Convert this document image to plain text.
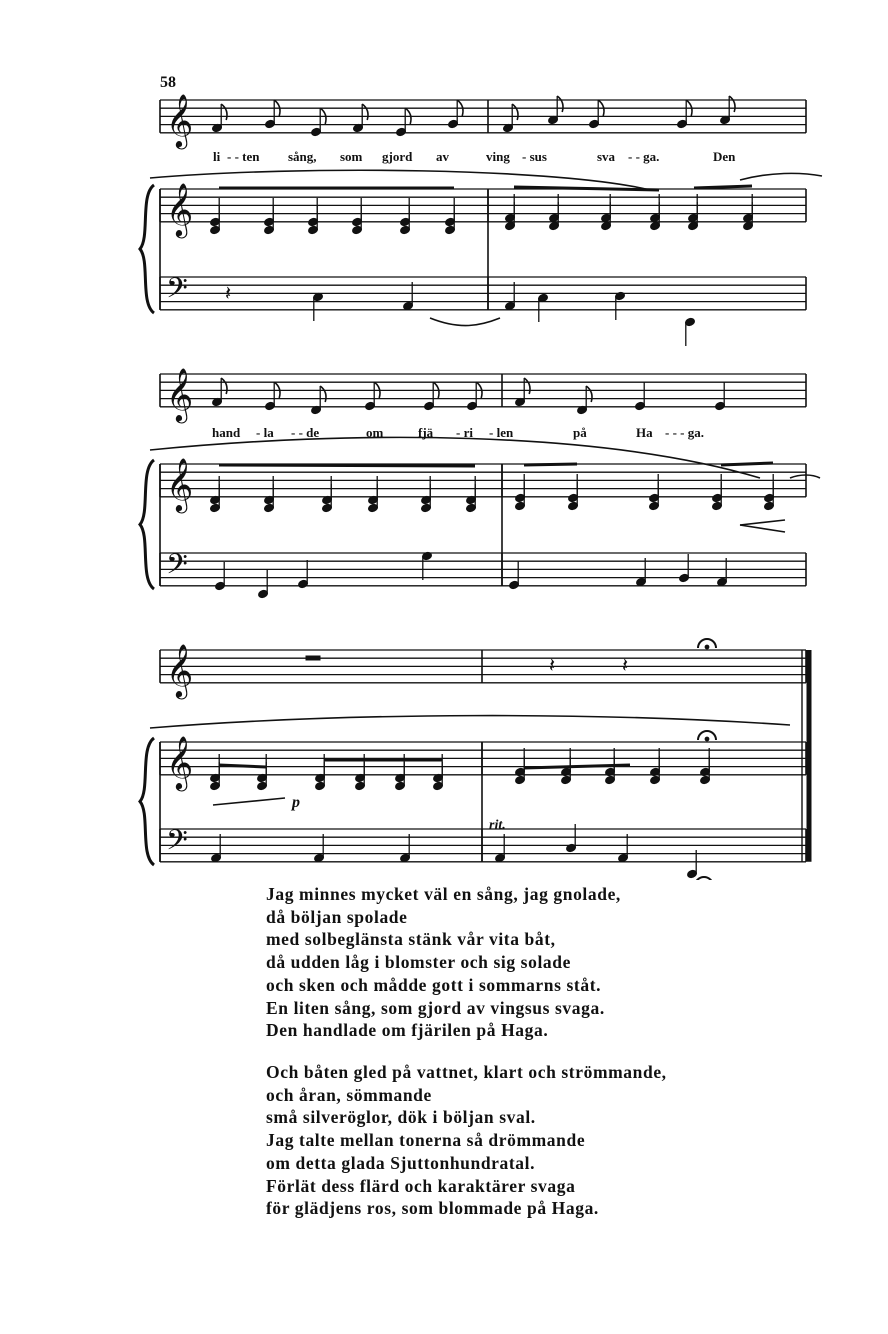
58
𝄞
𝄞
𝄢
𝄞
𝄞
𝄢
𝄞
𝄞
𝄢
𝄽
𝄽	𝄽
li - - ten sång, som gjord av	ving - sus	sva - - ga.	Den
hand - la - - de	om	fjä - ri - len	på	Ha - - - ga.
p
rit.
Jag minnes mycket väl en sång, jag gnolade,
då böljan spolade
med solbeglänsta stänk vår vita båt,
då udden låg i blomster och sig solade
och sken och mådde gott i sommarns ståt.
En liten sång, som gjord av vingsus svaga.
Den handlade om fjärilen på Haga.
Och båten gled på vattnet, klart och strömmande,
och åran, sömmande
små silveröglor, dök i böljan sval.
Jag talte mellan tonerna så drömmande
om detta glada Sjuttonhundratal.
Förlät dess flärd och karaktärer svaga
för glädjens ros, som blommade på Haga.
